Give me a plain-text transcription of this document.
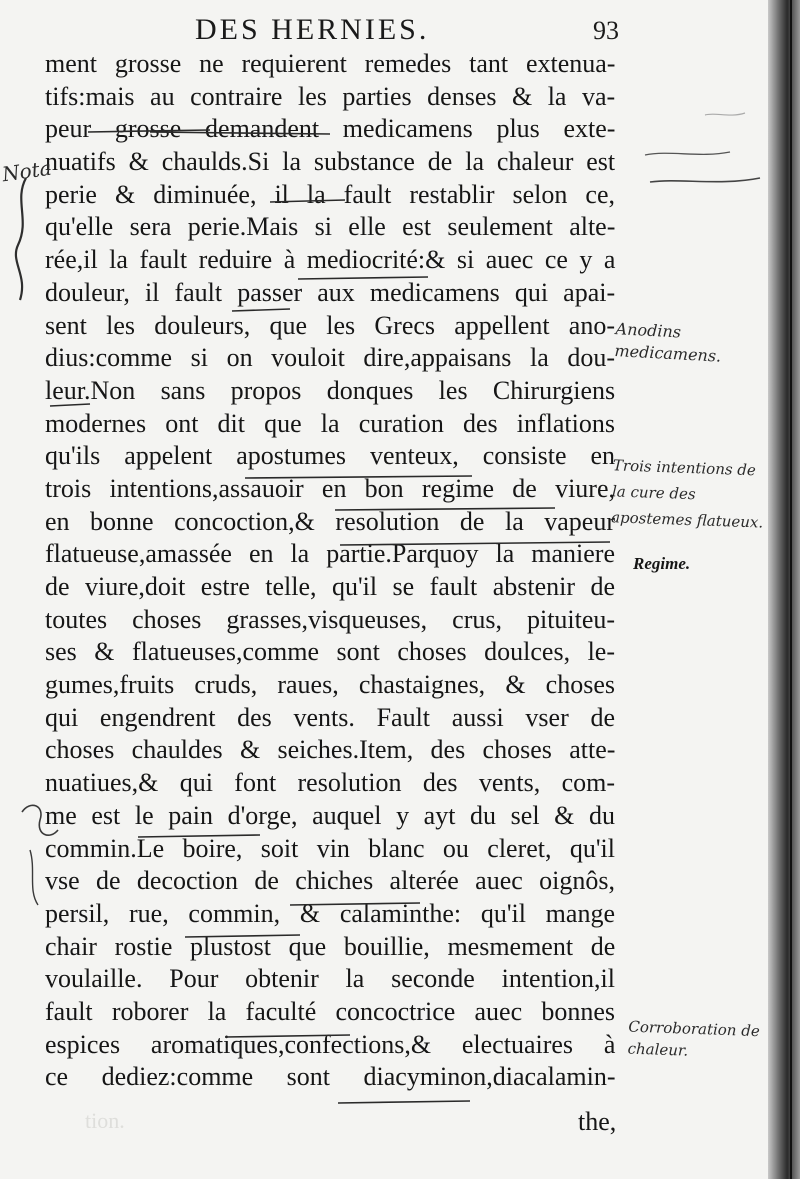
DES HERNIES.	93
ment grosse ne requierent remedes tant extenua-
tifs:mais au contraire les parties denses & la va-
peur grosse demandent medicamens plus exte-
nuatifs & chaulds.Si la substance de la chaleur est
perie & diminuée, il la fault restablir selon ce,
qu'elle sera perie.Mais si elle est seulement alte-
rée,il la fault reduire à mediocrité:& si auec ce y a
douleur, il fault passer aux medicamens qui apai-
sent les douleurs, que les Grecs appellent ano-
dius:comme si on vouloit dire,appaisans la dou-
leur.Non sans propos donques les Chirurgiens
modernes ont dit que la curation des inflations
qu'ils appelent apostumes venteux, consiste en
trois intentions,assauoir en bon regime de viure,
en bonne concoction,& resolution de la vapeur
flatueuse,amassée en la partie.Parquoy la maniere
de viure,doit estre telle, qu'il se fault abstenir de
toutes choses grasses,visqueuses, crus, pituiteu-
ses & flatueuses,comme sont choses doulces, le-
gumes,fruits cruds, raues, chastaignes, & choses
qui engendrent des vents. Fault aussi vser de
choses chauldes & seiches.Item, des choses atte-
nuatiues,& qui font resolution des vents, com-
me est le pain d'orge, auquel y ayt du sel & du
commin.Le boire, soit vin blanc ou cleret, qu'il
vse de decoction de chiches alterée auec oignôs,
persil, rue, commin, & calaminthe: qu'il mange
chair rostie plustost que bouillie, mesmement de
voulaille. Pour obtenir la seconde intention,il
fault roborer la faculté concoctrice auec bonnes
espices aromatiques,confections,& electuaires à
ce dediez:comme sont diacyminon,diacalamin-
tion.	the,
Regime.
Nota
Anodins medicamens.
Trois intentions de la cure des apostemes flatueux.
Corroboration de chaleur.
